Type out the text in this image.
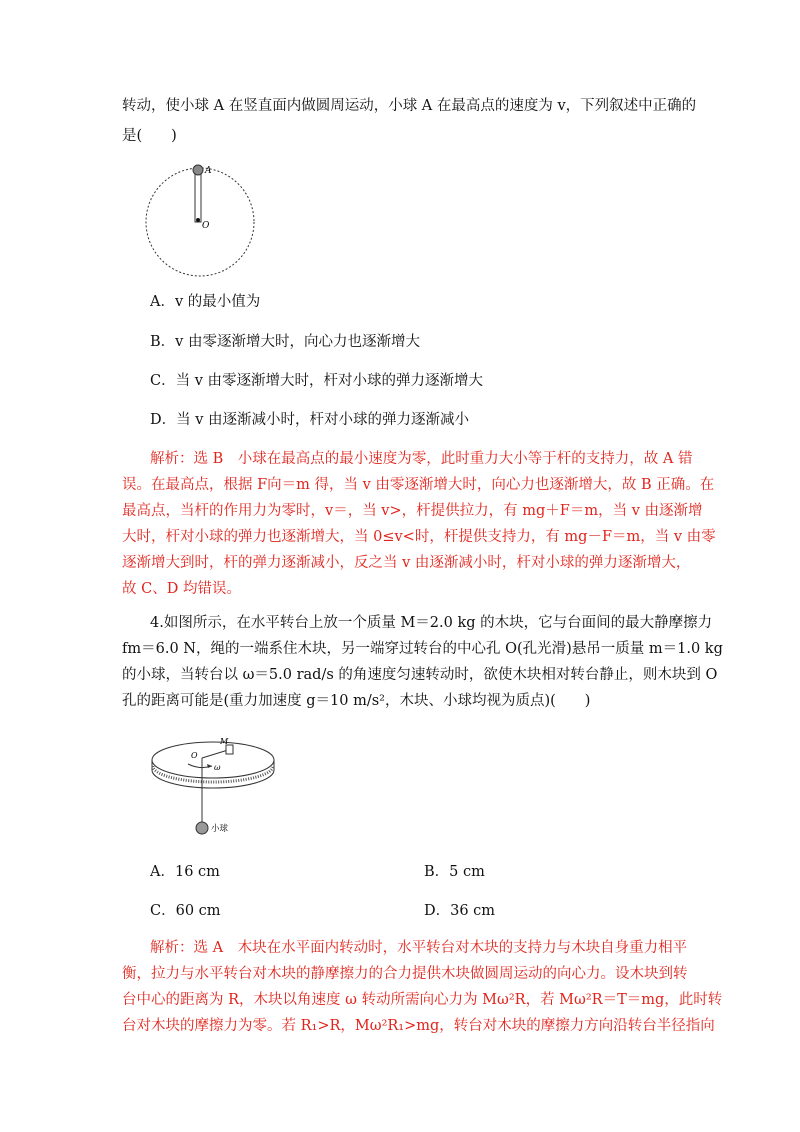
转动，使小球 A 在竖直面内做圆周运动，小球 A 在最高点的速度为 v，下列叙述中正确的
是(　　)
A
O
A．v 的最小值为
B．v 由零逐渐增大时，向心力也逐渐增大
C．当 v 由零逐渐增大时，杆对小球的弹力逐渐增大
D．当 v 由逐渐减小时，杆对小球的弹力逐渐减小
解析：选 B　小球在最高点的最小速度为零，此时重力大小等于杆的支持力，故 A 错
误。在最高点，根据 F向＝m 得，当 v 由零逐渐增大时，向心力也逐渐增大，故 B 正确。在
最高点，当杆的作用力为零时，v＝，当 v>，杆提供拉力，有 mg＋F＝m，当 v 由逐渐增
大时，杆对小球的弹力也逐渐增大，当 0≤v<时，杆提供支持力，有 mg－F＝m，当 v 由零
逐渐增大到时，杆的弹力逐渐减小，反之当 v 由逐渐减小时，杆对小球的弹力逐渐增大，
故 C、D 均错误。
4.如图所示，在水平转台上放一个质量 M＝2.0 kg 的木块，它与台面间的最大静摩擦力
fm＝6.0 N，绳的一端系住木块，另一端穿过转台的中心孔 O(孔光滑)悬吊一质量 m＝1.0 kg
的小球，当转台以 ω＝5.0 rad/s 的角速度匀速转动时，欲使木块相对转台静止，则木块到 O
孔的距离可能是(重力加速度 g＝10 m/s²，木块、小球均视为质点)(　　)
O
M
ω
小球
A．16 cm	B．5 cm
C．60 cm	D．36 cm
解析：选 A　木块在水平面内转动时，水平转台对木块的支持力与木块自身重力相平
衡，拉力与水平转台对木块的静摩擦力的合力提供木块做圆周运动的向心力。设木块到转
台中心的距离为 R，木块以角速度 ω 转动所需向心力为 Mω²R，若 Mω²R＝T＝mg，此时转
台对木块的摩擦力为零。若 R₁>R，Mω²R₁>mg，转台对木块的摩擦力方向沿转台半径指向
